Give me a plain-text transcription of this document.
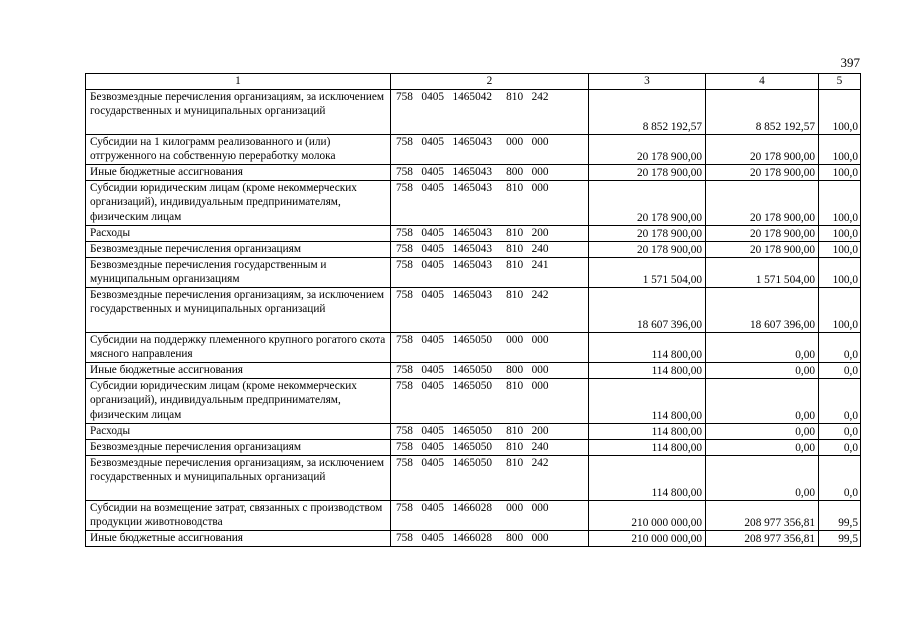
397
1	2	3	4	5
Безвозмездные перечисления организациям, за исключением государственных и муниципальных организаций	758   0405   1465042     810   242	8 852 192,57	8 852 192,57	100,0
Субсидии на 1 килограмм реализованного и (или) отгруженного на собственную переработку молока	758   0405   1465043     000   000	20 178 900,00	20 178 900,00	100,0
Иные бюджетные ассигнования	758   0405   1465043     800   000	20 178 900,00	20 178 900,00	100,0
Субсидии юридическим лицам (кроме некоммерческих организаций), индивидуальным предпринимателям, физическим лицам	758   0405   1465043     810   000	20 178 900,00	20 178 900,00	100,0
Расходы	758   0405   1465043     810   200	20 178 900,00	20 178 900,00	100,0
Безвозмездные перечисления организациям	758   0405   1465043     810   240	20 178 900,00	20 178 900,00	100,0
Безвозмездные перечисления государственным и муниципальным организациям	758   0405   1465043     810   241	1 571 504,00	1 571 504,00	100,0
Безвозмездные перечисления организациям, за исключением государственных и муниципальных организаций	758   0405   1465043     810   242	18 607 396,00	18 607 396,00	100,0
Субсидии на поддержку племенного крупного рогатого скота мясного направления	758   0405   1465050     000   000	114 800,00	0,00	0,0
Иные бюджетные ассигнования	758   0405   1465050     800   000	114 800,00	0,00	0,0
Субсидии юридическим лицам (кроме некоммерческих организаций), индивидуальным предпринимателям, физическим лицам	758   0405   1465050     810   000	114 800,00	0,00	0,0
Расходы	758   0405   1465050     810   200	114 800,00	0,00	0,0
Безвозмездные перечисления организациям	758   0405   1465050     810   240	114 800,00	0,00	0,0
Безвозмездные перечисления организациям, за исключением государственных и муниципальных организаций	758   0405   1465050     810   242	114 800,00	0,00	0,0
Субсидии на возмещение затрат, связанных с производством продукции животноводства	758   0405   1466028     000   000	210 000 000,00	208 977 356,81	99,5
Иные бюджетные ассигнования	758   0405   1466028     800   000	210 000 000,00	208 977 356,81	99,5
